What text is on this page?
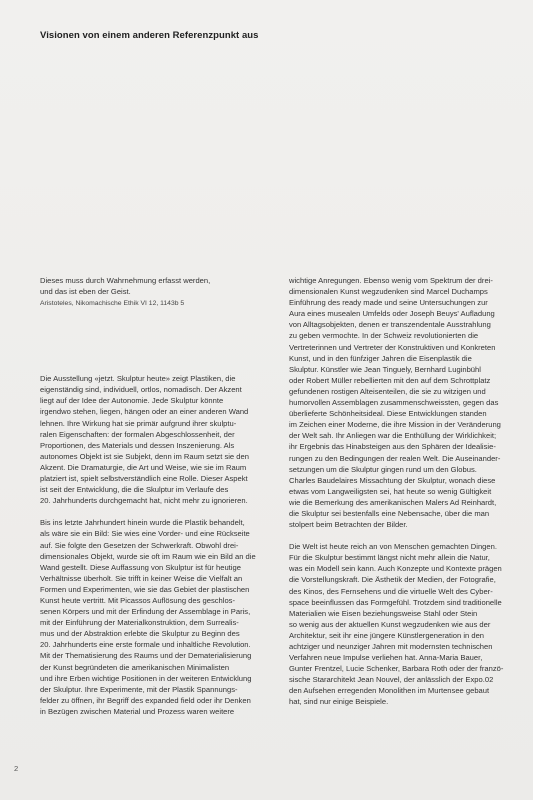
Visionen von einem anderen Referenzpunkt aus
Dieses muss durch Wahrnehmung erfasst werden,
und das ist eben der Geist.
Aristoteles, Nikomachische Ethik VI 12, 1143b 5

Die Ausstellung «jetzt. Skulptur heute» zeigt Plastiken, die
eigenständig sind, individuell, ortlos, nomadisch. Der Akzent
liegt auf der Idee der Autonomie. Jede Skulptur könnte
irgendwo stehen, liegen, hängen oder an einer anderen Wand
lehnen. Ihre Wirkung hat sie primär aufgrund ihrer skulptu-
ralen Eigenschaften: der formalen Abgeschlossenheit, der
Proportionen, des Materials und dessen Inszenierung. Als
autonomes Objekt ist sie Subjekt, denn im Raum setzt sie den
Akzent. Die Dramaturgie, die Art und Weise, wie sie im Raum
platziert ist, spielt selbstverständlich eine Rolle. Dieser Aspekt
ist seit der Entwicklung, die die Skulptur im Verlaufe des
20. Jahrhunderts durchgemacht hat, nicht mehr zu ignorieren.

Bis ins letzte Jahrhundert hinein wurde die Plastik behandelt,
als wäre sie ein Bild: Sie wies eine Vorder- und eine Rückseite
auf. Sie folgte den Gesetzen der Schwerkraft. Obwohl drei-
dimensionales Objekt, wurde sie oft im Raum wie ein Bild an die
Wand gestellt. Diese Auffassung von Skulptur ist für heutige
Verhältnisse überholt. Sie trifft in keiner Weise die Vielfalt an
Formen und Experimenten, wie sie das Gebiet der plastischen
Kunst heute vertritt. Mit Picassos Auflösung des geschlos-
senen Körpers und mit der Erfindung der Assemblage in Paris,
mit der Einführung der Materialkonstruktion, dem Surrealis-
mus und der Abstraktion erlebte die Skulptur zu Beginn des
20. Jahrhunderts eine erste formale und inhaltliche Revolution.
Mit der Thematisierung des Raums und der Dematerialisierung
der Kunst begründeten die amerikanischen Minimalisten
und ihre Erben wichtige Positionen in der weiteren Entwicklung
der Skulptur. Ihre Experimente, mit der Plastik Spannungs-
felder zu öffnen, ihr Begriff des expanded field oder ihr Denken
in Bezügen zwischen Material und Prozess waren weitere

wichtige Anregungen. Ebenso wenig vom Spektrum der drei-
dimensionalen Kunst wegzudenken sind Marcel Duchamps
Einführung des ready made und seine Untersuchungen zur
Aura eines musealen Umfelds oder Joseph Beuys' Aufladung
von Alltagsobjekten, denen er transzendentale Ausstrahlung
zu geben vermochte. In der Schweiz revolutionierten die
Vertreterinnen und Vertreter der Konstruktiven und Konkreten
Kunst, und in den fünfziger Jahren die Eisenplastik die
Skulptur. Künstler wie Jean Tinguely, Bernhard Luginbühl
oder Robert Müller rebellierten mit den auf dem Schrottplatz
gefundenen rostigen Alteisenteilen, die sie zu witzigen und
humorvollen Assemblagen zusammenschweissten, gegen das
überlieferte Schönheitsideal. Diese Entwicklungen standen
im Zeichen einer Moderne, die ihre Mission in der Veränderung
der Welt sah. Ihr Anliegen war die Enthüllung der Wirklichkeit;
ihr Ergebnis das Hinabsteigen aus den Sphären der Idealisie-
rungen zu den Bedingungen der realen Welt. Die Auseinander-
setzungen um die Skulptur gingen rund um den Globus.
Charles Baudelaires Missachtung der Skulptur, wonach diese
etwas vom Langweiligsten sei, hat heute so wenig Gültigkeit
wie die Bemerkung des amerikanischen Malers Ad Reinhardt,
die Skulptur sei bestenfalls eine Nebensache, über die man
stolpert beim Betrachten der Bilder.

Die Welt ist heute reich an von Menschen gemachten Dingen.
Für die Skulptur bestimmt längst nicht mehr allein die Natur,
was ein Modell sein kann. Auch Konzepte und Kontexte prägen
die Vorstellungskraft. Die Ästhetik der Medien, der Fotografie,
des Kinos, des Fernsehens und die virtuelle Welt des Cyber-
space beeinflussen das Formgefühl. Trotzdem sind traditionelle
Materialien wie Eisen beziehungsweise Stahl oder Stein
so wenig aus der aktuellen Kunst wegzudenken wie aus der
Architektur, seit ihr eine jüngere Künstlergeneration in den
achtziger und neunziger Jahren mit modernsten technischen
Verfahren neue Impulse verliehen hat. Anna-Maria Bauer,
Gunter Frentzel, Lucie Schenker, Barbara Roth oder der franzö-
sische Stararchitekt Jean Nouvel, der anlässlich der Expo.02
den Aufsehen erregenden Monolithen im Murtensee gebaut
hat, sind nur einige Beispiele.

2
